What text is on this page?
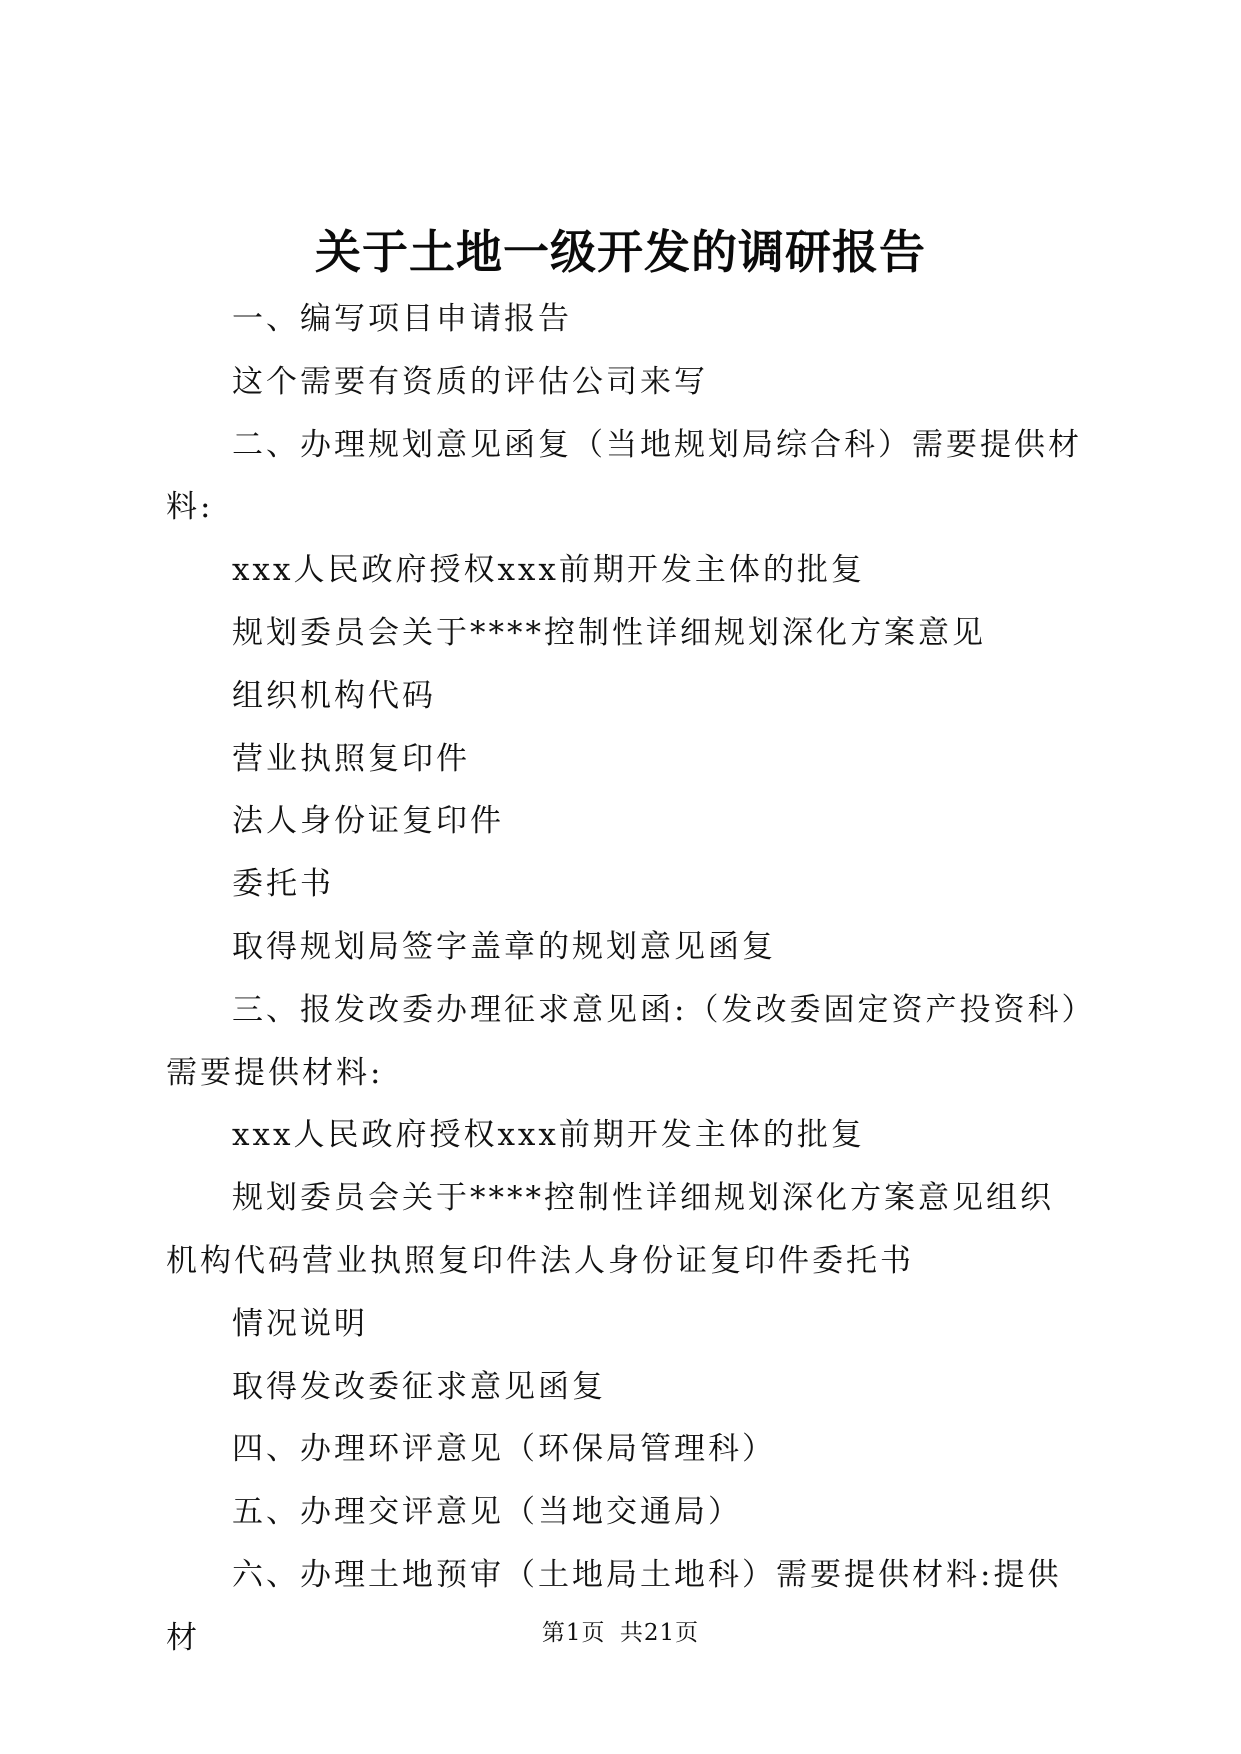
关于土地一级开发的调研报告

一、编写项目申请报告

这个需要有资质的评估公司来写

二、办理规划意见函复（当地规划局综合科）需要提供材料:

xxx人民政府授权xxx前期开发主体的批复

规划委员会关于****控制性详细规划深化方案意见

组织机构代码

营业执照复印件

法人身份证复印件

委托书

取得规划局签字盖章的规划意见函复

三、报发改委办理征求意见函:（发改委固定资产投资科）需要提供材料:

xxx人民政府授权xxx前期开发主体的批复

规划委员会关于****控制性详细规划深化方案意见组织机构代码营业执照复印件法人身份证复印件委托书

情况说明

取得发改委征求意见函复

四、办理环评意见（环保局管理科）

五、办理交评意见（当地交通局）

六、办理土地预审（土地局土地科）需要提供材料:提供材	第1页 共21页
